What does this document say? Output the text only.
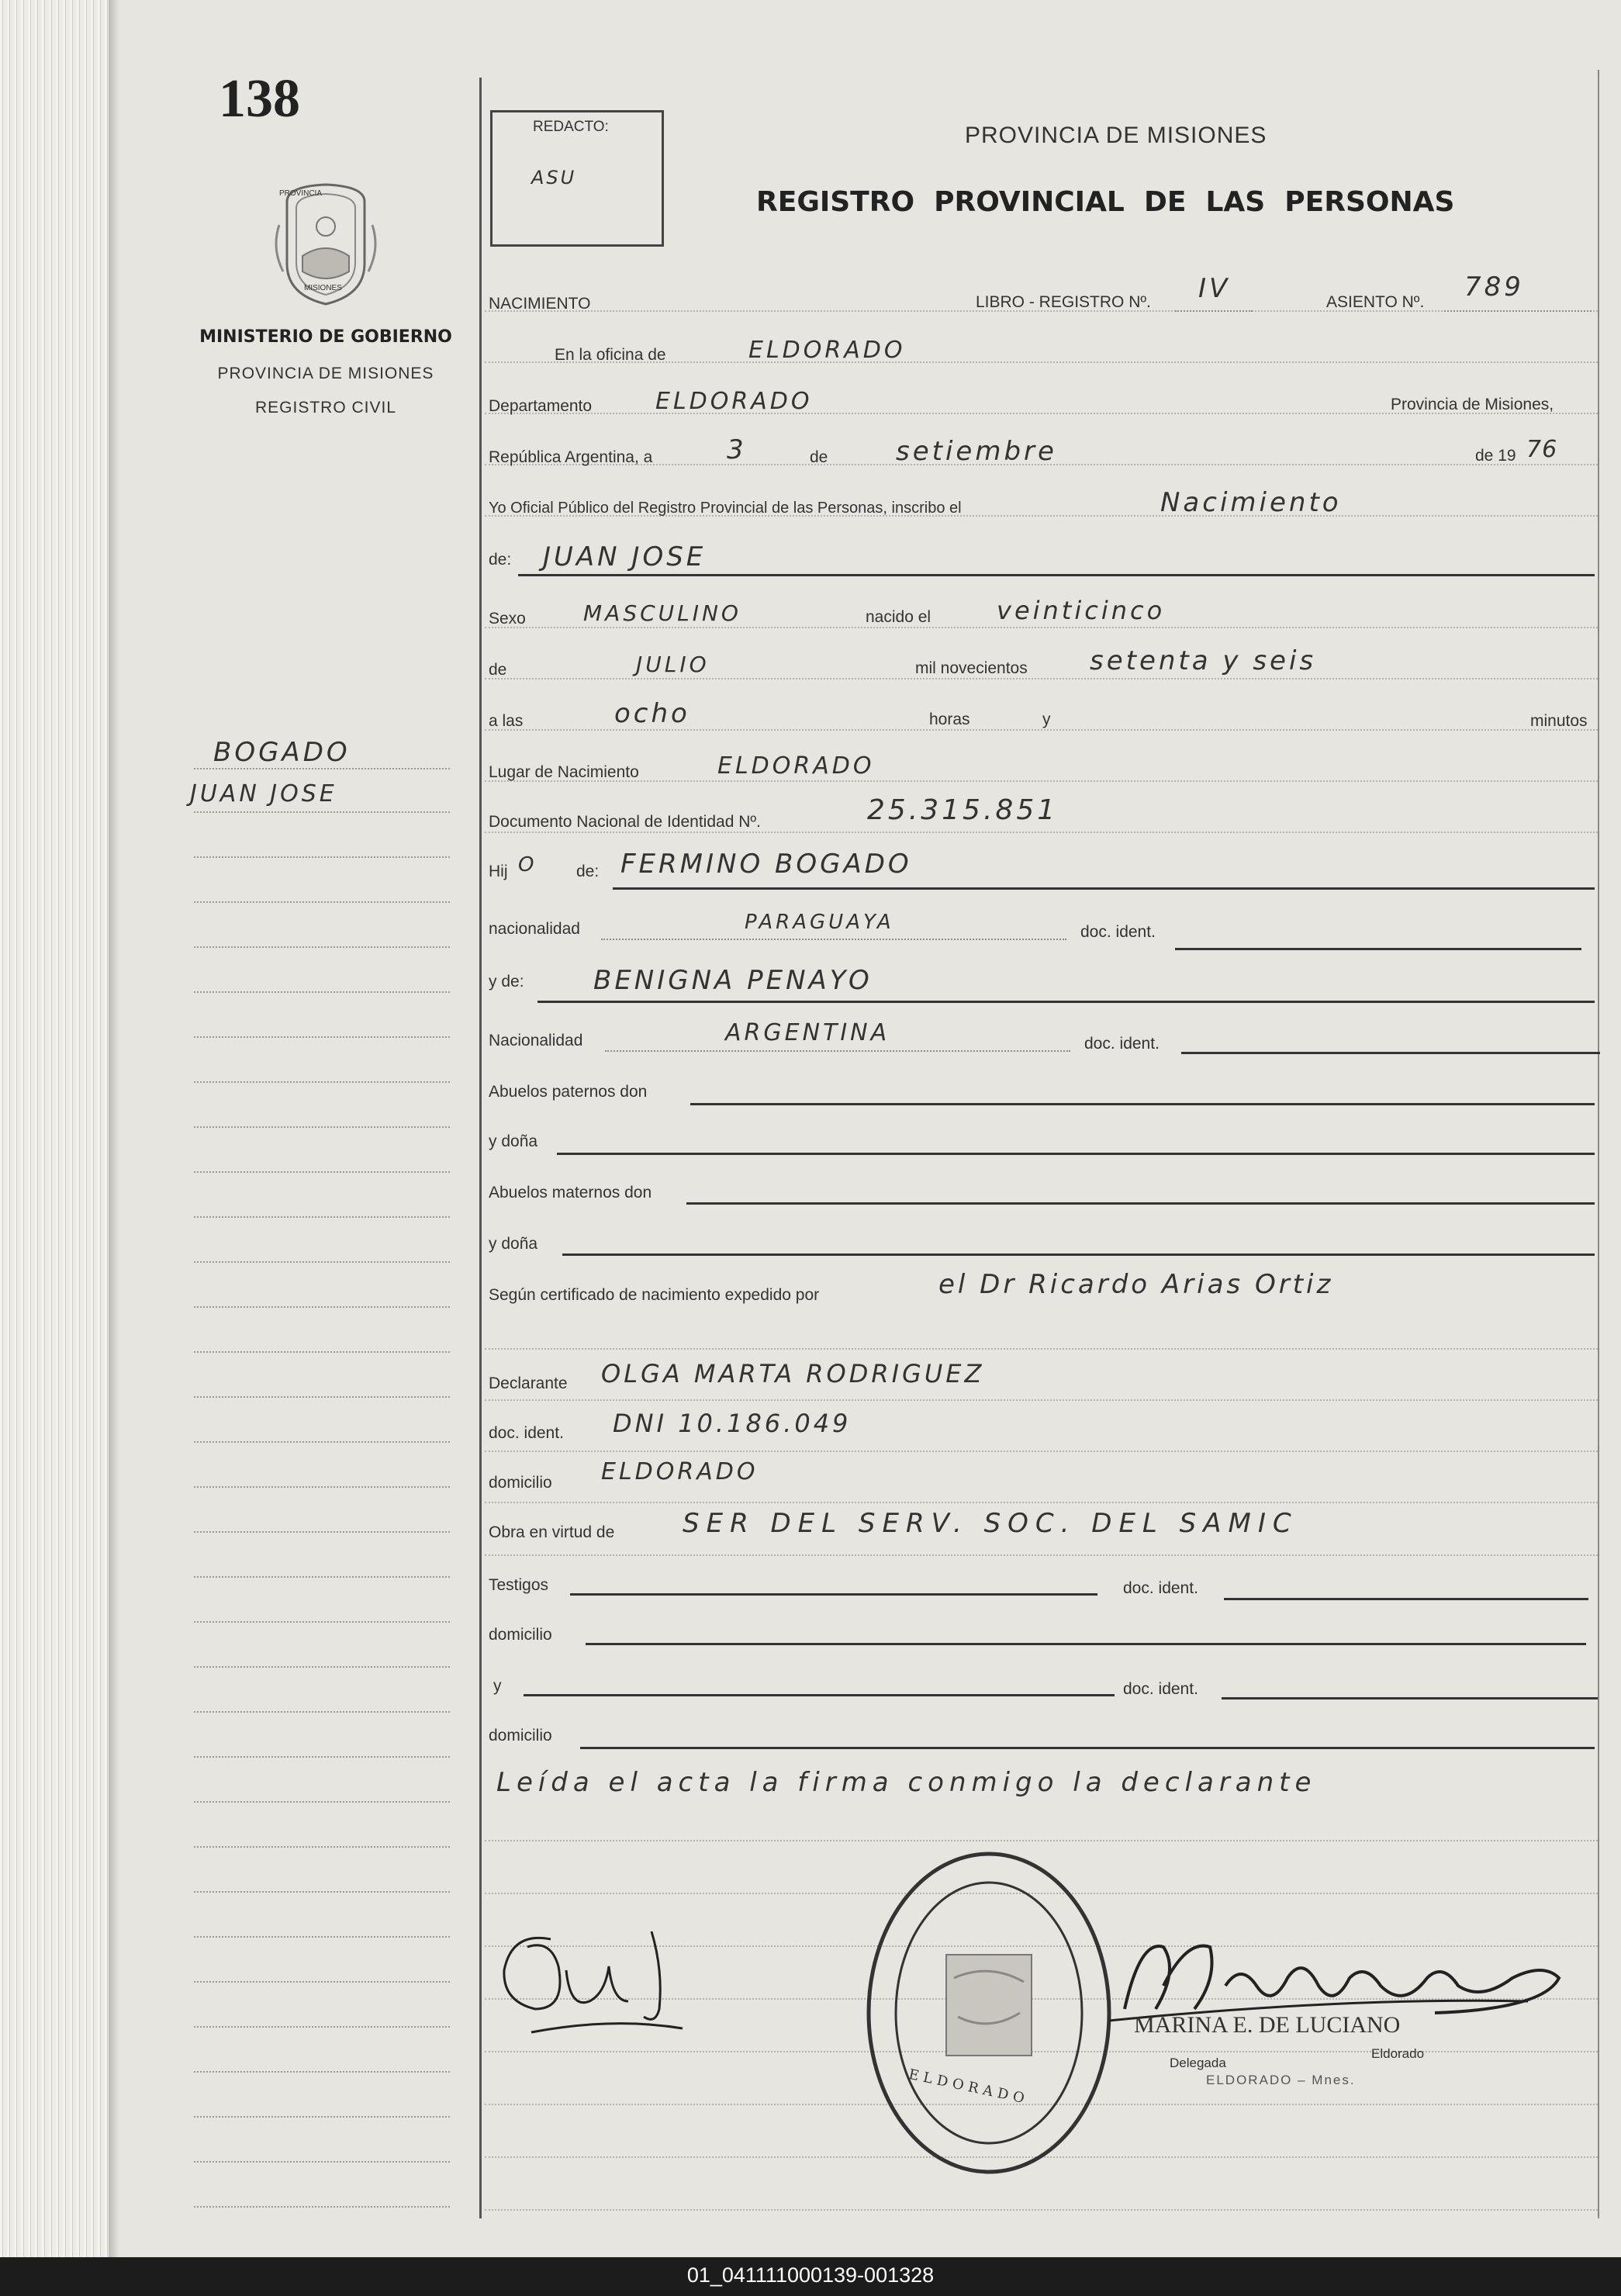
138
PROVINCIA
MISIONES
MINISTERIO DE GOBIERNO
PROVINCIA DE MISIONES
REGISTRO CIVIL
BOGADO
JUAN JOSE
REDACTO:
ASU
PROVINCIA DE MISIONES
REGISTRO  PROVINCIAL  DE  LAS  PERSONAS
NACIMIENTO	LIBRO - REGISTRO Nº. IV	ASIENTO Nº. 789
En la oficina de	ELDORADO
Departamento	ELDORADO	Provincia de Misiones,
República Argentina, a	3	de	setiembre	de 19 76
Yo Oficial Público del Registro Provincial de las Personas, inscribo el	Nacimiento
de: JUAN JOSE
Sexo	MASCULINO	nacido el	veinticinco
de	JULIO	mil novecientos setenta y seis
a las	ocho	horas	y	minutos
Lugar de Nacimiento	ELDORADO
Documento Nacional de Identidad Nº.	25.315.851
Hij O de: FERMINO BOGADO
nacionalidad	PARAGUAYA	doc. ident.
y de:	BENIGNA PENAYO
Nacionalidad	ARGENTINA	doc. ident.
Abuelos paternos don
y doña
Abuelos maternos don
y doña
Según certificado de nacimiento expedido por	el Dr Ricardo Arias Ortiz
Declarante OLGA MARTA RODRIGUEZ
doc. ident. DNI 10.186.049
domicilio ELDORADO
Obra en virtud de	SER DEL SERV. SOC. DEL SAMIC
Testigos	doc. ident.
domicilio
y	doc. ident.
domicilio
Leída el acta la firma conmigo la declarante
ELDORADO
MARINA E. DE LUCIANO
Delegada
Eldorado
ELDORADO – Mnes.
01_041111000139-001328
